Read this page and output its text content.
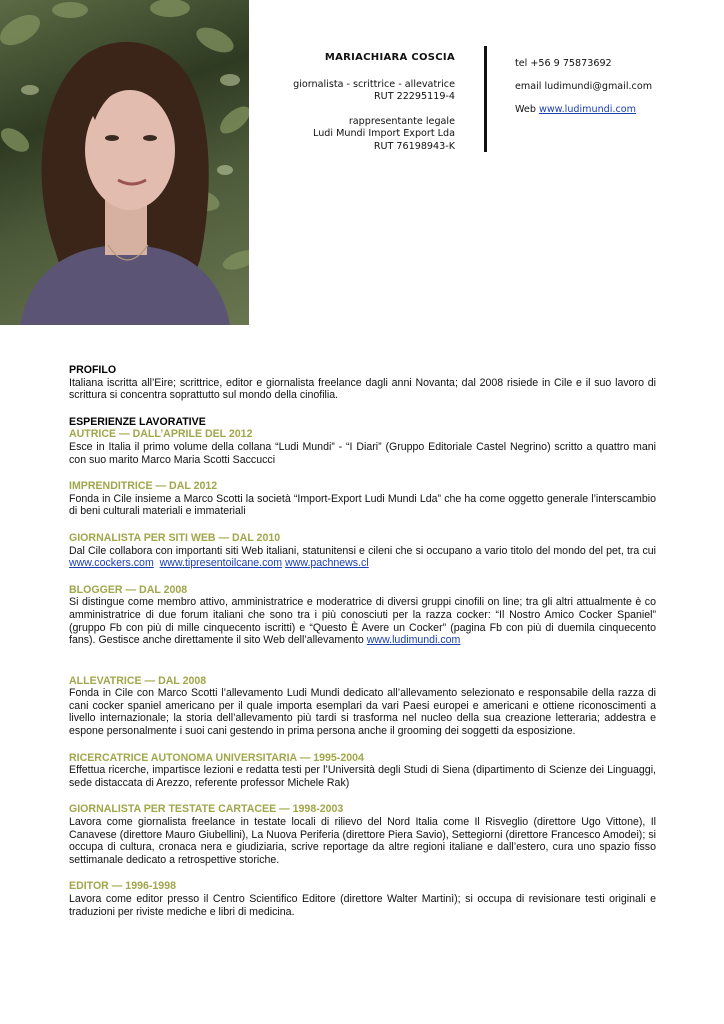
MARIACHIARA COSCIA
giornalista - scrittrice - allevatrice
RUT 22295119-4
rappresentante legale
Ludi Mundi Import Export Lda
RUT 76198943-K
tel +56 9 75873692
email ludimundi@gmail.com
Web www.ludimundi.com
PROFILO

Italiana iscritta all’Eire; scrittrice, editor e giornalista freelance dagli anni Novanta; dal 2008 risiede in Cile e il suo lavoro di scrittura si concentra soprattutto sul mondo della cinofilia.

ESPERIENZE LAVORATIVE
AUTRICE — DALL’APRILE DEL 2012

Esce in Italia il primo volume della collana “Ludi Mundi” - “I Diari” (Gruppo Editoriale Castel Negrino) scritto a quattro mani con suo marito Marco Maria Scotti Saccucci

IMPRENDITRICE — DAL 2012

Fonda in Cile insieme a Marco Scotti la società “Import-Export Ludi Mundi Lda” che ha come oggetto generale l’interscambio di beni culturali materiali e immateriali

GIORNALISTA PER SITI WEB — DAL 2010

Dal Cile collabora con importanti siti Web italiani, statunitensi e cileni che si occupano a vario titolo del mondo del pet, tra cui www.cockers.com www.tipresentoilcane.com www.pachnews.cl

BLOGGER — DAL 2008

Si distingue come membro attivo, amministratrice e moderatrice di diversi gruppi cinofili on line; tra gli altri attualmente è co amministratrice di due forum italiani che sono tra i più conosciuti per la razza cocker: “Il Nostro Amico Cocker Spaniel” (gruppo Fb con più di mille cinquecento iscritti) e “Questo È Avere un Cocker” (pagina Fb con più di duemila cinquecento fans). Gestisce anche direttamente il sito Web dell’allevamento www.ludimundi.com

ALLEVATRICE — DAL 2008

Fonda in Cile con Marco Scotti l’allevamento Ludi Mundi dedicato all’allevamento selezionato e responsabile della razza di cani cocker spaniel americano per il quale importa esemplari da vari Paesi europei e americani e ottiene riconoscimenti a livello internazionale; la storia dell’allevamento più tardi si trasforma nel nucleo della sua creazione letteraria; addestra e espone personalmente i suoi cani gestendo in prima persona anche il grooming dei soggetti da esposizione.

RICERCATRICE AUTONOMA UNIVERSITARIA — 1995-2004

Effettua ricerche, impartisce lezioni e redatta testi per l’Università degli Studi di Siena (dipartimento di Scienze dei Linguaggi, sede distaccata di Arezzo, referente professor Michele Rak)

GIORNALISTA PER TESTATE CARTACEE — 1998-2003

Lavora come giornalista freelance in testate locali di rilievo del Nord Italia come Il Risveglio (direttore Ugo Vittone), Il Canavese (direttore Mauro Giubellini), La Nuova Periferia (direttore Piera Savio), Settegiorni (direttore Francesco Amodei); si occupa di cultura, cronaca nera e giudiziaria, scrive reportage da altre regioni italiane e dall’estero, cura uno spazio fisso settimanale dedicato a retrospettive storiche.

EDITOR — 1996-1998

Lavora come editor presso il Centro Scientifico Editore (direttore Walter Martinì); si occupa di revisionare testi originali e traduzioni per riviste mediche e libri di medicina.
